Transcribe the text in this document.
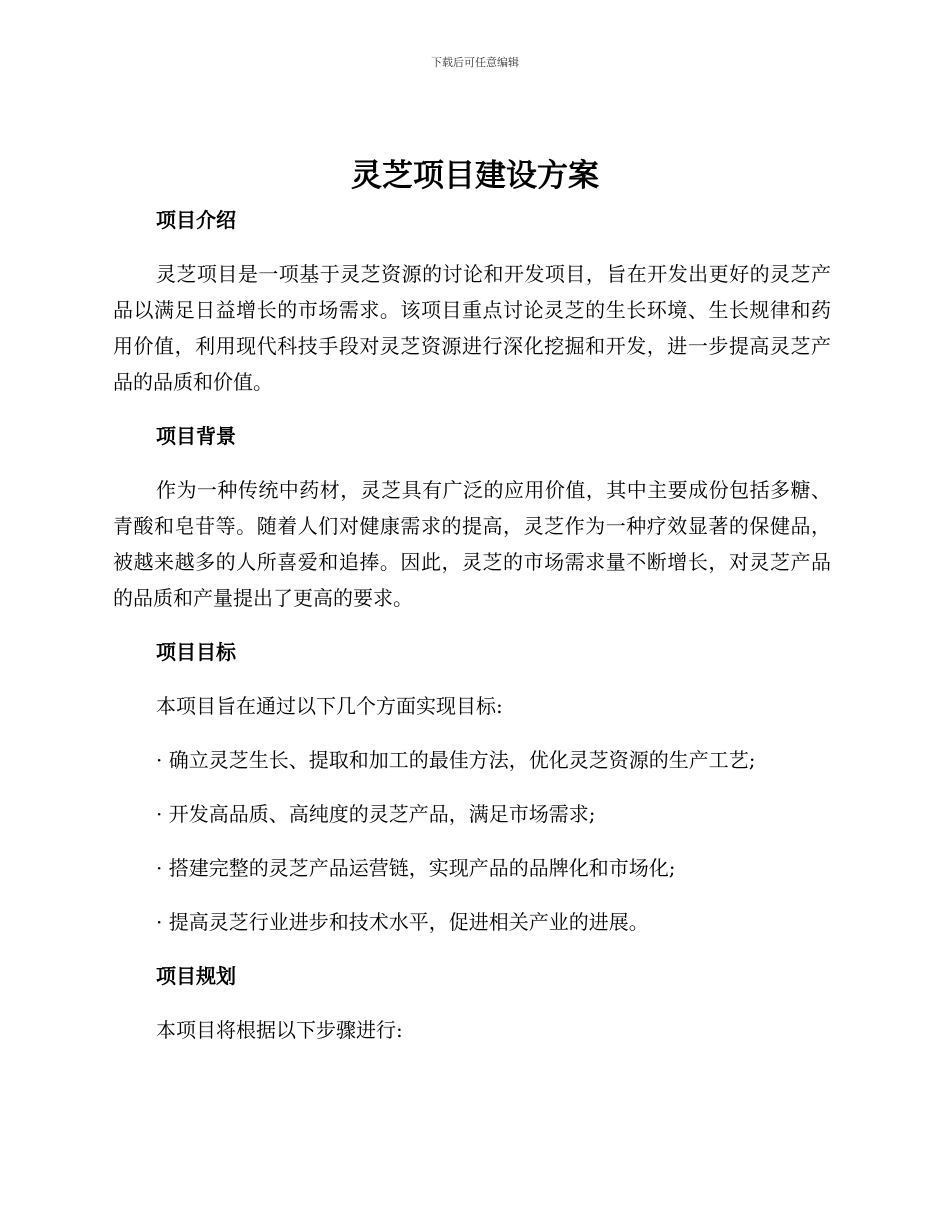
下载后可任意编辑
灵芝项目建设方案
项目介绍

灵芝项目是一项基于灵芝资源的讨论和开发项目，旨在开发出更好的灵芝产品以满足日益增长的市场需求。该项目重点讨论灵芝的生长环境、生长规律和药用价值，利用现代科技手段对灵芝资源进行深化挖掘和开发，进一步提高灵芝产品的品质和价值。

项目背景

作为一种传统中药材，灵芝具有广泛的应用价值，其中主要成份包括多糖、青酸和皂苷等。随着人们对健康需求的提高，灵芝作为一种疗效显著的保健品，被越来越多的人所喜爱和追捧。因此，灵芝的市场需求量不断增长，对灵芝产品的品质和产量提出了更高的要求。

项目目标
本项目旨在通过以下几个方面实现目标:
· 确立灵芝生长、提取和加工的最佳方法，优化灵芝资源的生产工艺;
· 开发高品质、高纯度的灵芝产品，满足市场需求;
· 搭建完整的灵芝产品运营链，实现产品的品牌化和市场化;
· 提高灵芝行业进步和技术水平，促进相关产业的进展。
项目规划
本项目将根据以下步骤进行:
